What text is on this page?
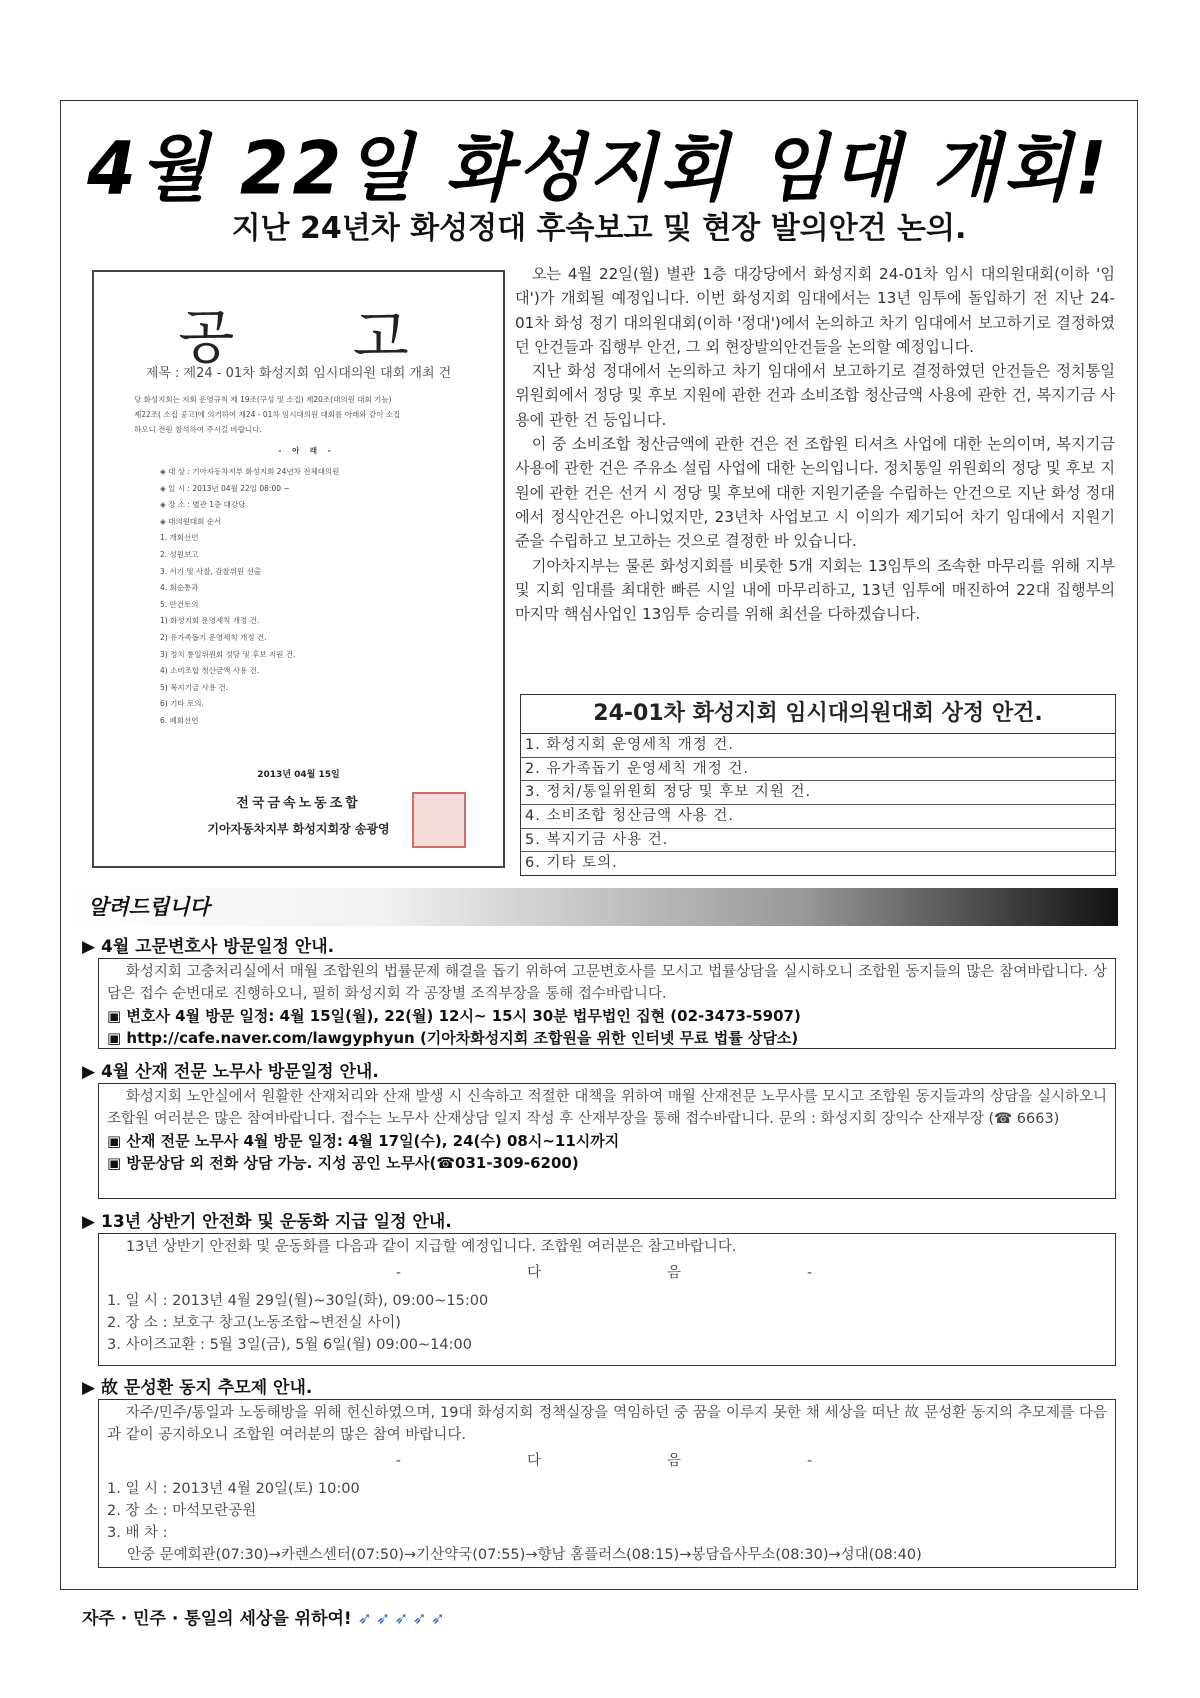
4월 22일 화성지회 임대 개회!
지난 24년차 화성정대 후속보고 및 현장 발의안건 논의.
공 고
제목 : 제24 - 01차 화성지회 임시대의원 대회 개최 건

당 화성지회는 지회 운영규칙 제 19조(구성 및 소집) 제20조(대의원 대회 기능)

제22조( 소집 공고)에 의거하여 제24 - 01차 임시대의원 대회를 아래와 같이 소집

하오니 전원 참석하여 주시길 바랍니다.

- 아 래 -
◈ 대 상 : 기아자동차지부 화성지회 24년차 전체대의원
◈ 일 시 : 2013년 04월 22일 08:00 ~
◈ 장 소 : 별관 1층 대강당
◈ 대의원대회 순서
1. 개회선언
2. 성원보고
3. 서기 및 사찰, 감찰위원 선출
4. 회순통과
5. 안건토의
1) 화성지회 운영세칙 개정 건.
2) 유가족돕기 운영세칙 개정 건.
3) 정치 통일위원회 정당 및 후보 지원 건.
4) 소비조합 청산금액 사용 건.
5) 복지기금 사용 건.
6) 기타 토의.
6. 폐회선언
2013년 04월 15일
전국금속노동조합
기아자동차지부 화성지회장 송광영

오는 4월 22일(월) 별관 1층 대강당에서 화성지회 24-01차 임시 대의원대회(이하 '임대')가 개회될 예정입니다. 이번 화성지회 임대에서는 13년 임투에 돌입하기 전 지난 24-01차 화성 정기 대의원대회(이하 '정대')에서 논의하고 차기 임대에서 보고하기로 결정하였던 안건들과 집행부 안건, 그 외 현장발의안건들을 논의할 예정입니다.

지난 화성 정대에서 논의하고 차기 임대에서 보고하기로 결정하였던 안건들은 정치통일 위원회에서 정당 및 후보 지원에 관한 건과 소비조합 청산금액 사용에 관한 건, 복지기금 사용에 관한 건 등입니다.

이 중 소비조합 청산금액에 관한 건은 전 조합원 티셔츠 사업에 대한 논의이며, 복지기금 사용에 관한 건은 주유소 설립 사업에 대한 논의입니다. 정치통일 위원회의 정당 및 후보 지원에 관한 건은 선거 시 정당 및 후보에 대한 지원기준을 수립하는 안건으로 지난 화성 정대에서 정식안건은 아니었지만, 23년차 사업보고 시 이의가 제기되어 차기 임대에서 지원기준을 수립하고 보고하는 것으로 결정한 바 있습니다.

기아차지부는 물론 화성지회를 비롯한 5개 지회는 13임투의 조속한 마무리를 위해 지부 및 지회 임대를 최대한 빠른 시일 내에 마무리하고, 13년 임투에 매진하여 22대 집행부의 마지막 핵심사업인 13임투 승리를 위해 최선을 다하겠습니다.

24-01차 화성지회 임시대의원대회 상정 안건.
1. 화성지회 운영세칙 개정 건.
2. 유가족돕기 운영세칙 개정 건.
3. 정치/통일위원회 정당 및 후보 지원 건.
4. 소비조합 청산금액 사용 건.
5. 복지기금 사용 건.
6. 기타 토의.
알려드립니다
▶ 4월 고문변호사 방문일정 안내.

화성지회 고충처리실에서 매월 조합원의 법률문제 해결을 돕기 위하여 고문변호사를 모시고 법률상담을 실시하오니 조합원 동지들의 많은 참여바랍니다. 상담은 접수 순번대로 진행하오니, 필히 화성지회 각 공장별 조직부장을 통해 접수바랍니다.

▣ 변호사 4월 방문 일정: 4월 15일(월), 22(월) 12시~ 15시 30분 법무법인 집현 (02-3473-5907)

▣ http://cafe.naver.com/lawgyphyun (기아차화성지회 조합원을 위한 인터넷 무료 법률 상담소)

▶ 4월 산재 전문 노무사 방문일정 안내.

화성지회 노안실에서 원활한 산재처리와 산재 발생 시 신속하고 적절한 대책을 위하여 매월 산재전문 노무사를 모시고 조합원 동지들과의 상담을 실시하오니 조합원 여러분은 많은 참여바랍니다. 접수는 노무사 산재상담 일지 작성 후 산재부장을 통해 접수바랍니다. 문의 : 화성지회 장익수 산재부장 (☎ 6663)

▣ 산재 전문 노무사 4월 방문 일정: 4월 17일(수), 24(수) 08시~11시까지

▣ 방문상담 외 전화 상담 가능. 지성 공인 노무사(☎031-309-6200)

▶ 13년 상반기 안전화 및 운동화 지급 일정 안내.

13년 상반기 안전화 및 운동화를 다음과 같이 지급할 예정입니다. 조합원 여러분은 참고바랍니다.

-	다	음	-

1. 일 시 : 2013년 4월 29일(월)~30일(화), 09:00~15:00

2. 장 소 : 보호구 창고(노동조합~변전실 사이)

3. 사이즈교환 : 5월 3일(금), 5월 6일(월) 09:00~14:00

▶ 故 문성환 동지 추모제 안내.

자주/민주/통일과 노동해방을 위해 헌신하였으며, 19대 화성지회 정책실장을 역임하던 중 꿈을 이루지 못한 채 세상을 떠난 故 문성환 동지의 추모제를 다음과 같이 공지하오니 조합원 여러분의 많은 참여 바랍니다.

-	다	음	-

1. 일 시 : 2013년 4월 20일(토) 10:00

2. 장 소 : 마석모란공원

3. 배 차 :

안중 문예회관(07:30)→카렌스센터(07:50)→기산약국(07:55)→향남 홈플러스(08:15)→봉담읍사무소(08:30)→성대(08:40)

자주 · 민주 · 통일의 세상을 위하여! ➶➶➶➶➶
